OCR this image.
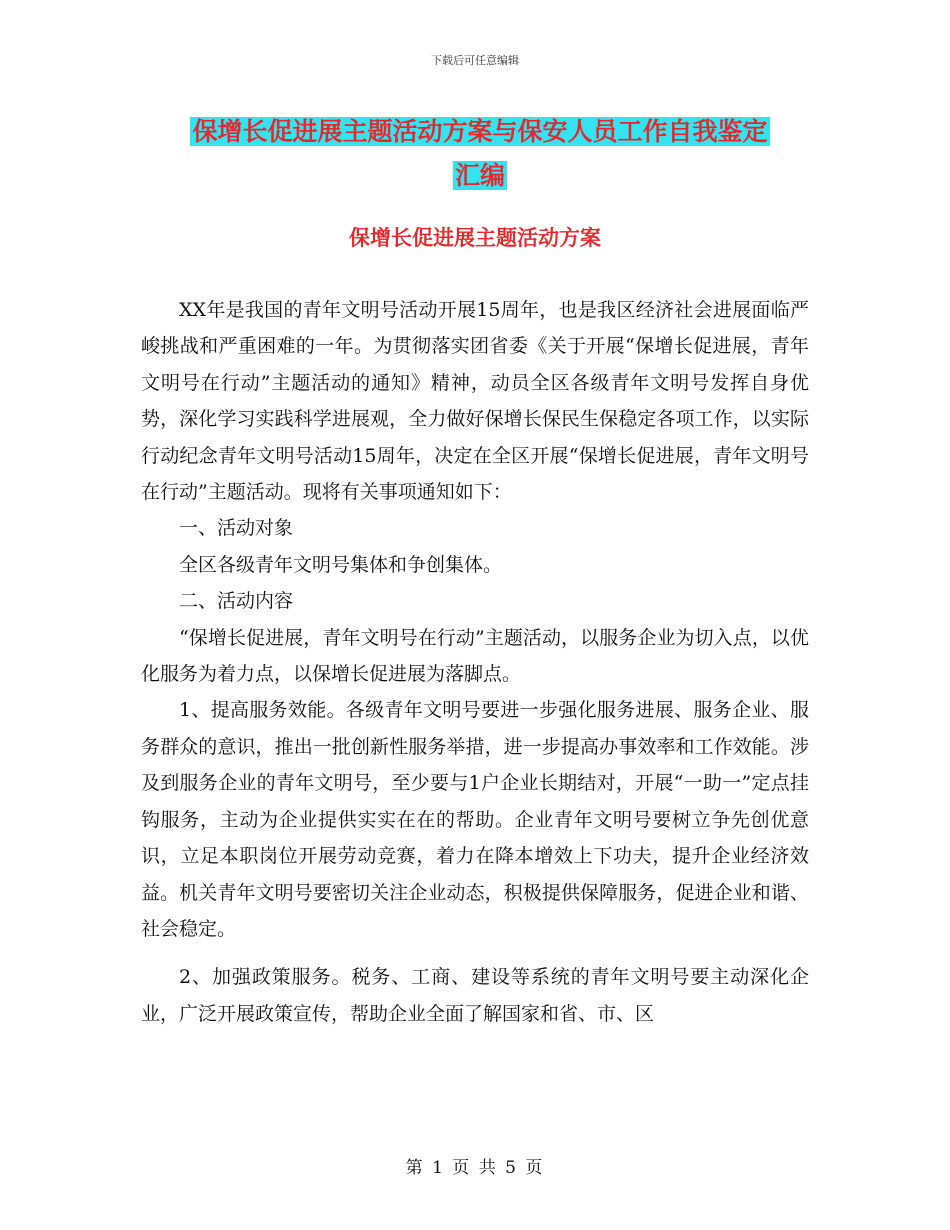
下载后可任意编辑
保增长促进展主题活动方案与保安人员工作自我鉴定
汇编
保增长促进展主题活动方案

XX年是我国的青年文明号活动开展15周年，也是我区经济社会进展面临严峻挑战和严重困难的一年。为贯彻落实团省委《关于开展“保增长促进展，青年文明号在行动”主题活动的通知》精神，动员全区各级青年文明号发挥自身优势，深化学习实践科学进展观，全力做好保增长保民生保稳定各项工作，以实际行动纪念青年文明号活动15周年，决定在全区开展“保增长促进展，青年文明号在行动”主题活动。现将有关事项通知如下：

一、活动对象

全区各级青年文明号集体和争创集体。

二、活动内容

“保增长促进展，青年文明号在行动”主题活动，以服务企业为切入点，以优化服务为着力点，以保增长促进展为落脚点。

1、提高服务效能。各级青年文明号要进一步强化服务进展、服务企业、服务群众的意识，推出一批创新性服务举措，进一步提高办事效率和工作效能。涉及到服务企业的青年文明号，至少要与1户企业长期结对，开展“一助一”定点挂钩服务，主动为企业提供实实在在的帮助。企业青年文明号要树立争先创优意识，立足本职岗位开展劳动竞赛，着力在降本增效上下功夫，提升企业经济效益。机关青年文明号要密切关注企业动态，积极提供保障服务，促进企业和谐、社会稳定。

2、加强政策服务。税务、工商、建设等系统的青年文明号要主动深化企业，广泛开展政策宣传，帮助企业全面了解国家和省、市、区

第 1 页 共 5 页
